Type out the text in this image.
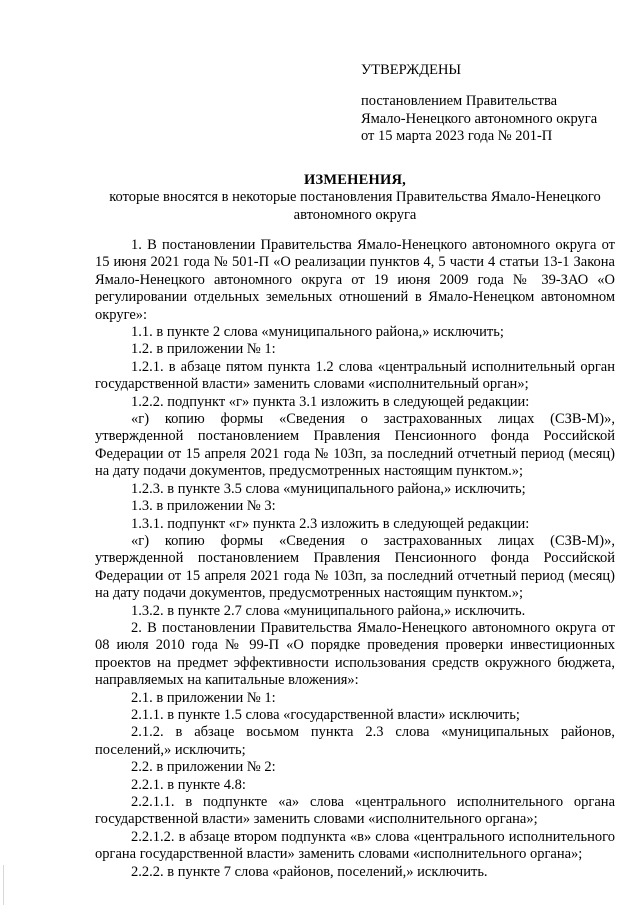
УТВЕРЖДЕНЫ
постановлением Правительства
Ямало-Ненецкого автономного округа
от 15 марта 2023 года № 201-П
ИЗМЕНЕНИЯ,
которые вносятся в некоторые постановления Правительства Ямало-Ненецкого автономного округа
1. В постановлении Правительства Ямало-Ненецкого автономного округа от 15 июня 2021 года № 501-П «О реализации пунктов 4, 5 части 4 статьи 13-1 Закона Ямало-Ненецкого автономного округа от 19 июня 2009 года № 39-ЗАО «О регулировании отдельных земельных отношений в Ямало-Ненецком автономном округе»:
1.1. в пункте 2 слова «муниципального района,» исключить;
1.2. в приложении № 1:
1.2.1. в абзаце пятом пункта 1.2 слова «центральный исполнительный орган государственной власти» заменить словами «исполнительный орган»;
1.2.2. подпункт «г» пункта 3.1 изложить в следующей редакции:
«г) копию формы «Сведения о застрахованных лицах (СЗВ-М)», утвержденной постановлением Правления Пенсионного фонда Российской Федерации от 15 апреля 2021 года № 103п, за последний отчетный период (месяц) на дату подачи документов, предусмотренных настоящим пунктом.»;
1.2.3. в пункте 3.5 слова «муниципального района,» исключить;
1.3. в приложении № 3:
1.3.1. подпункт «г» пункта 2.3 изложить в следующей редакции:
«г) копию формы «Сведения о застрахованных лицах (СЗВ-М)», утвержденной постановлением Правления Пенсионного фонда Российской Федерации от 15 апреля 2021 года № 103п, за последний отчетный период (месяц) на дату подачи документов, предусмотренных настоящим пунктом.»;
1.3.2. в пункте 2.7 слова «муниципального района,» исключить.
2. В постановлении Правительства Ямало-Ненецкого автономного округа от 08 июля 2010 года № 99-П «О порядке проведения проверки инвестиционных проектов на предмет эффективности использования средств окружного бюджета, направляемых на капитальные вложения»:
2.1. в приложении № 1:
2.1.1. в пункте 1.5 слова «государственной власти» исключить;
2.1.2. в абзаце восьмом пункта 2.3 слова «муниципальных районов, поселений,» исключить;
2.2. в приложении № 2:
2.2.1. в пункте 4.8:
2.2.1.1. в подпункте «а» слова «центрального исполнительного органа государственной власти» заменить словами «исполнительного органа»;
2.2.1.2. в абзаце втором подпункта «в» слова «центрального исполнительного органа государственной власти» заменить словами «исполнительного органа»;
2.2.2. в пункте 7 слова «районов, поселений,» исключить.
